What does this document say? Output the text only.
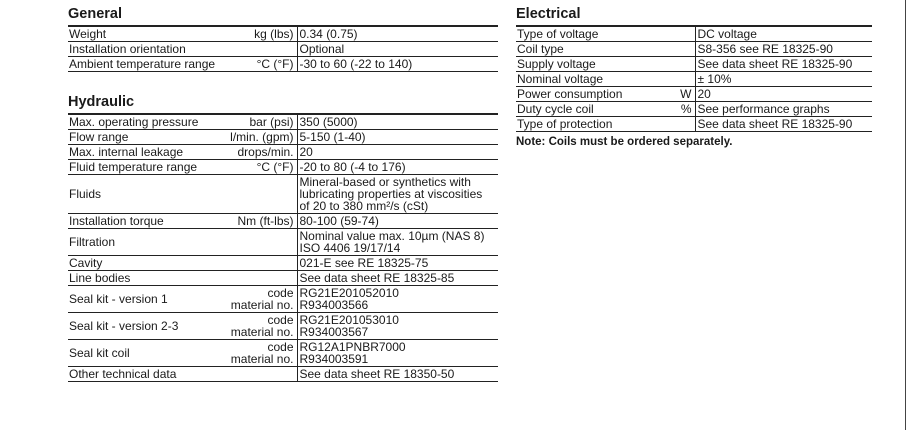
General
Weight kg (lbs)	0.34 (0.75)

Installation orientation	Optional

Ambient temperature range °C (°F)	-30 to 60 (-22 to 140)
Hydraulic
Max. operating pressure bar (psi)	350 (5000)

Flow range l/min. (gpm)	5-150 (1-40)

Max. internal leakage drops/min.	20

Fluid temperature range °C (°F)	-20 to 80 (-4 to 176)

Fluids	Mineral-based or synthetics with
lubricating properties at viscosities
of 20 to 380 mm²/s (cSt)

Installation torque Nm (ft-lbs)	80-100 (59-74)

Filtration	Nominal value max. 10µm (NAS 8)
ISO 4406 19/17/14

Cavity	021-E see RE 18325-75

Line bodies	See data sheet RE 18325-85

Seal kit - version 1 code
material no.	RG21E201052010
R934003566

Seal kit - version 2-3 code
material no.	RG21E201053010
R934003567

Seal kit coil code
material no.	RG12A1PNBR7000
R934003591

Other technical data	See data sheet RE 18350-50
Electrical
Type of voltage	DC voltage

Coil type	S8-356 see RE 18325-90

Supply voltage	See data sheet RE 18325-90

Nominal voltage	± 10%

Power consumption W	20

Duty cycle coil %	See performance graphs

Type of protection	See data sheet RE 18325-90
Note: Coils must be ordered separately.
